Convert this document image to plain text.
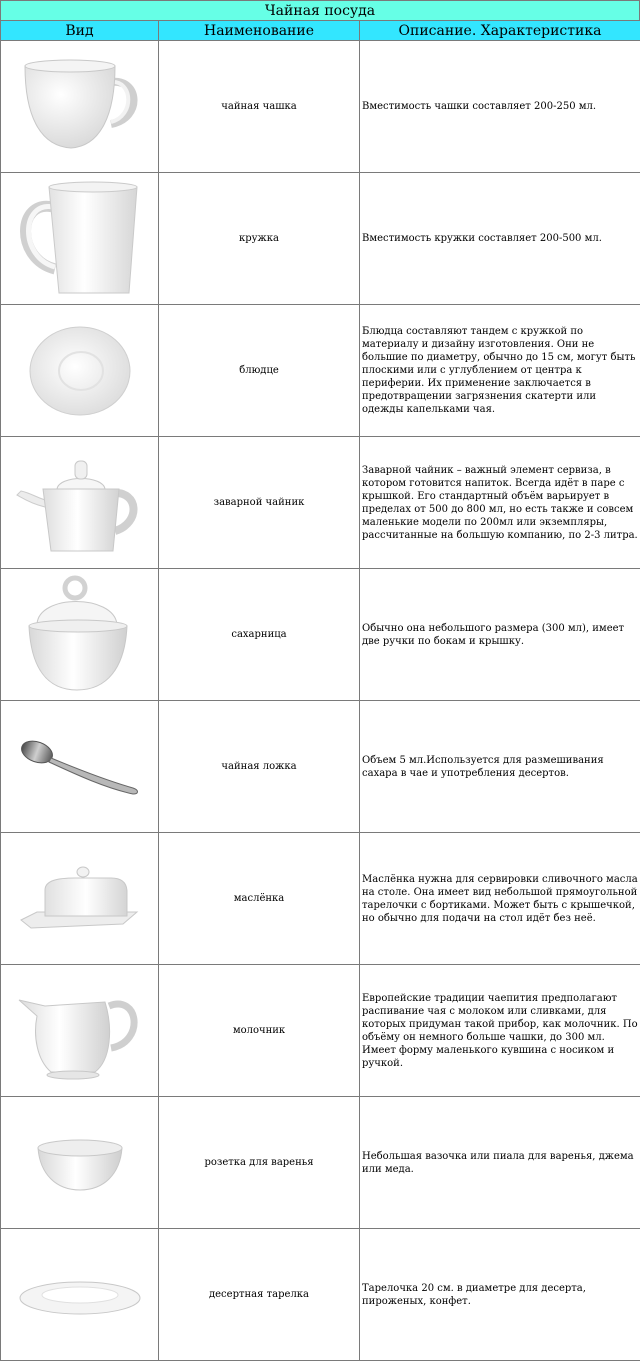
Чайная посуда
Вид	Наименование	Описание. Характеристика

	чайная чашка	Вместимость чашки составляет 200-250 мл.

	кружка	Вместимость кружки составляет 200-500 мл.

	блюдце	Блюдца составляют тандем с кружкой по материалу и дизайну изготовления. Они не большие по диаметру, обычно до 15 см, могут быть плоскими или с углублением от центра к периферии. Их применение заключается в предотвращении загрязнения скатерти или одежды капельками чая.

	заварной чайник	Заварной чайник – важный элемент сервиза, в котором готовится напиток. Всегда идёт в паре с крышкой. Его стандартный объём варьирует в пределах от 500 до 800 мл, но есть также и совсем маленькие модели по 200мл или экземпляры, рассчитанные на большую компанию, по 2-3 литра.

	сахарница	Обычно она небольшого размера (300 мл), имеет две ручки по бокам и крышку.

	чайная ложка	Объем 5 мл.Используется для размешивания сахара в чае и употребления десертов.

	маслёнка	Маслёнка нужна для сервировки сливочного масла на столе. Она имеет вид небольшой прямоугольной тарелочки с бортиками. Может быть с крышечкой, но обычно для подачи на стол идёт без неё.

	молочник	Европейские традиции чаепития предполагают распивание чая с молоком или сливками, для которых придуман такой прибор, как молочник. По объёму он немного больше чашки, до 300 мл. Имеет форму маленького кувшина с носиком и ручкой.

	розетка для варенья	Небольшая вазочка или пиала для варенья, джема или меда.

	десертная тарелка	Тарелочка 20 см. в диаметре для десерта, пироженых, конфет.
